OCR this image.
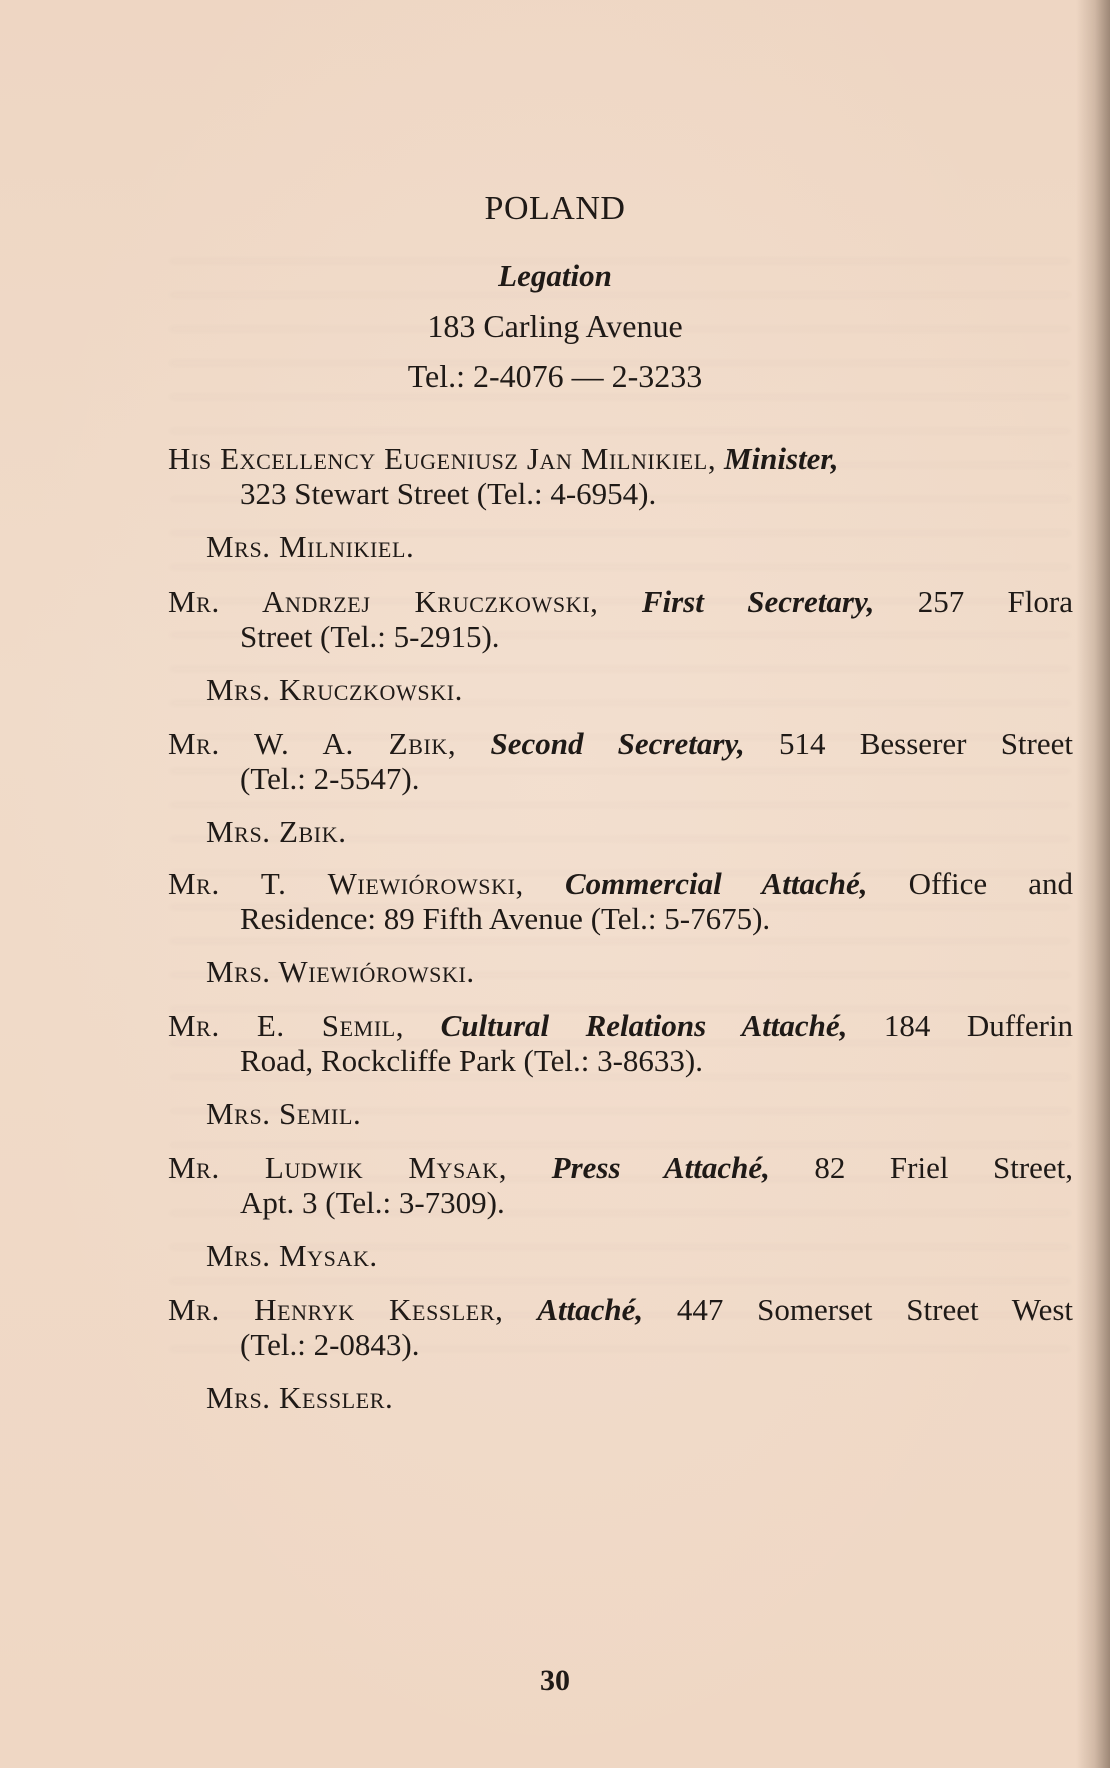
POLAND
Legation
183 Carling Avenue
Tel.: 2-4076 — 2-3233
His Excellency Eugeniusz Jan Milnikiel, Minister,
323 Stewart Street (Tel.: 4-6954).
Mrs. Milnikiel.
Mr. Andrzej Kruczkowski, First Secretary, 257 Flora
Street (Tel.: 5-2915).
Mrs. Kruczkowski.
Mr. W. A. Zbik, Second Secretary, 514 Besserer Street
(Tel.: 2-5547).
Mrs. Zbik.
Mr. T. Wiewiórowski, Commercial Attaché, Office and
Residence: 89 Fifth Avenue (Tel.: 5-7675).
Mrs. Wiewiórowski.
Mr. E. Semil, Cultural Relations Attaché, 184 Dufferin
Road, Rockcliffe Park (Tel.: 3-8633).
Mrs. Semil.
Mr. Ludwik Mysak, Press Attaché, 82 Friel Street,
Apt. 3 (Tel.: 3-7309).
Mrs. Mysak.
Mr. Henryk Kessler, Attaché, 447 Somerset Street West
(Tel.: 2-0843).
Mrs. Kessler.
30
